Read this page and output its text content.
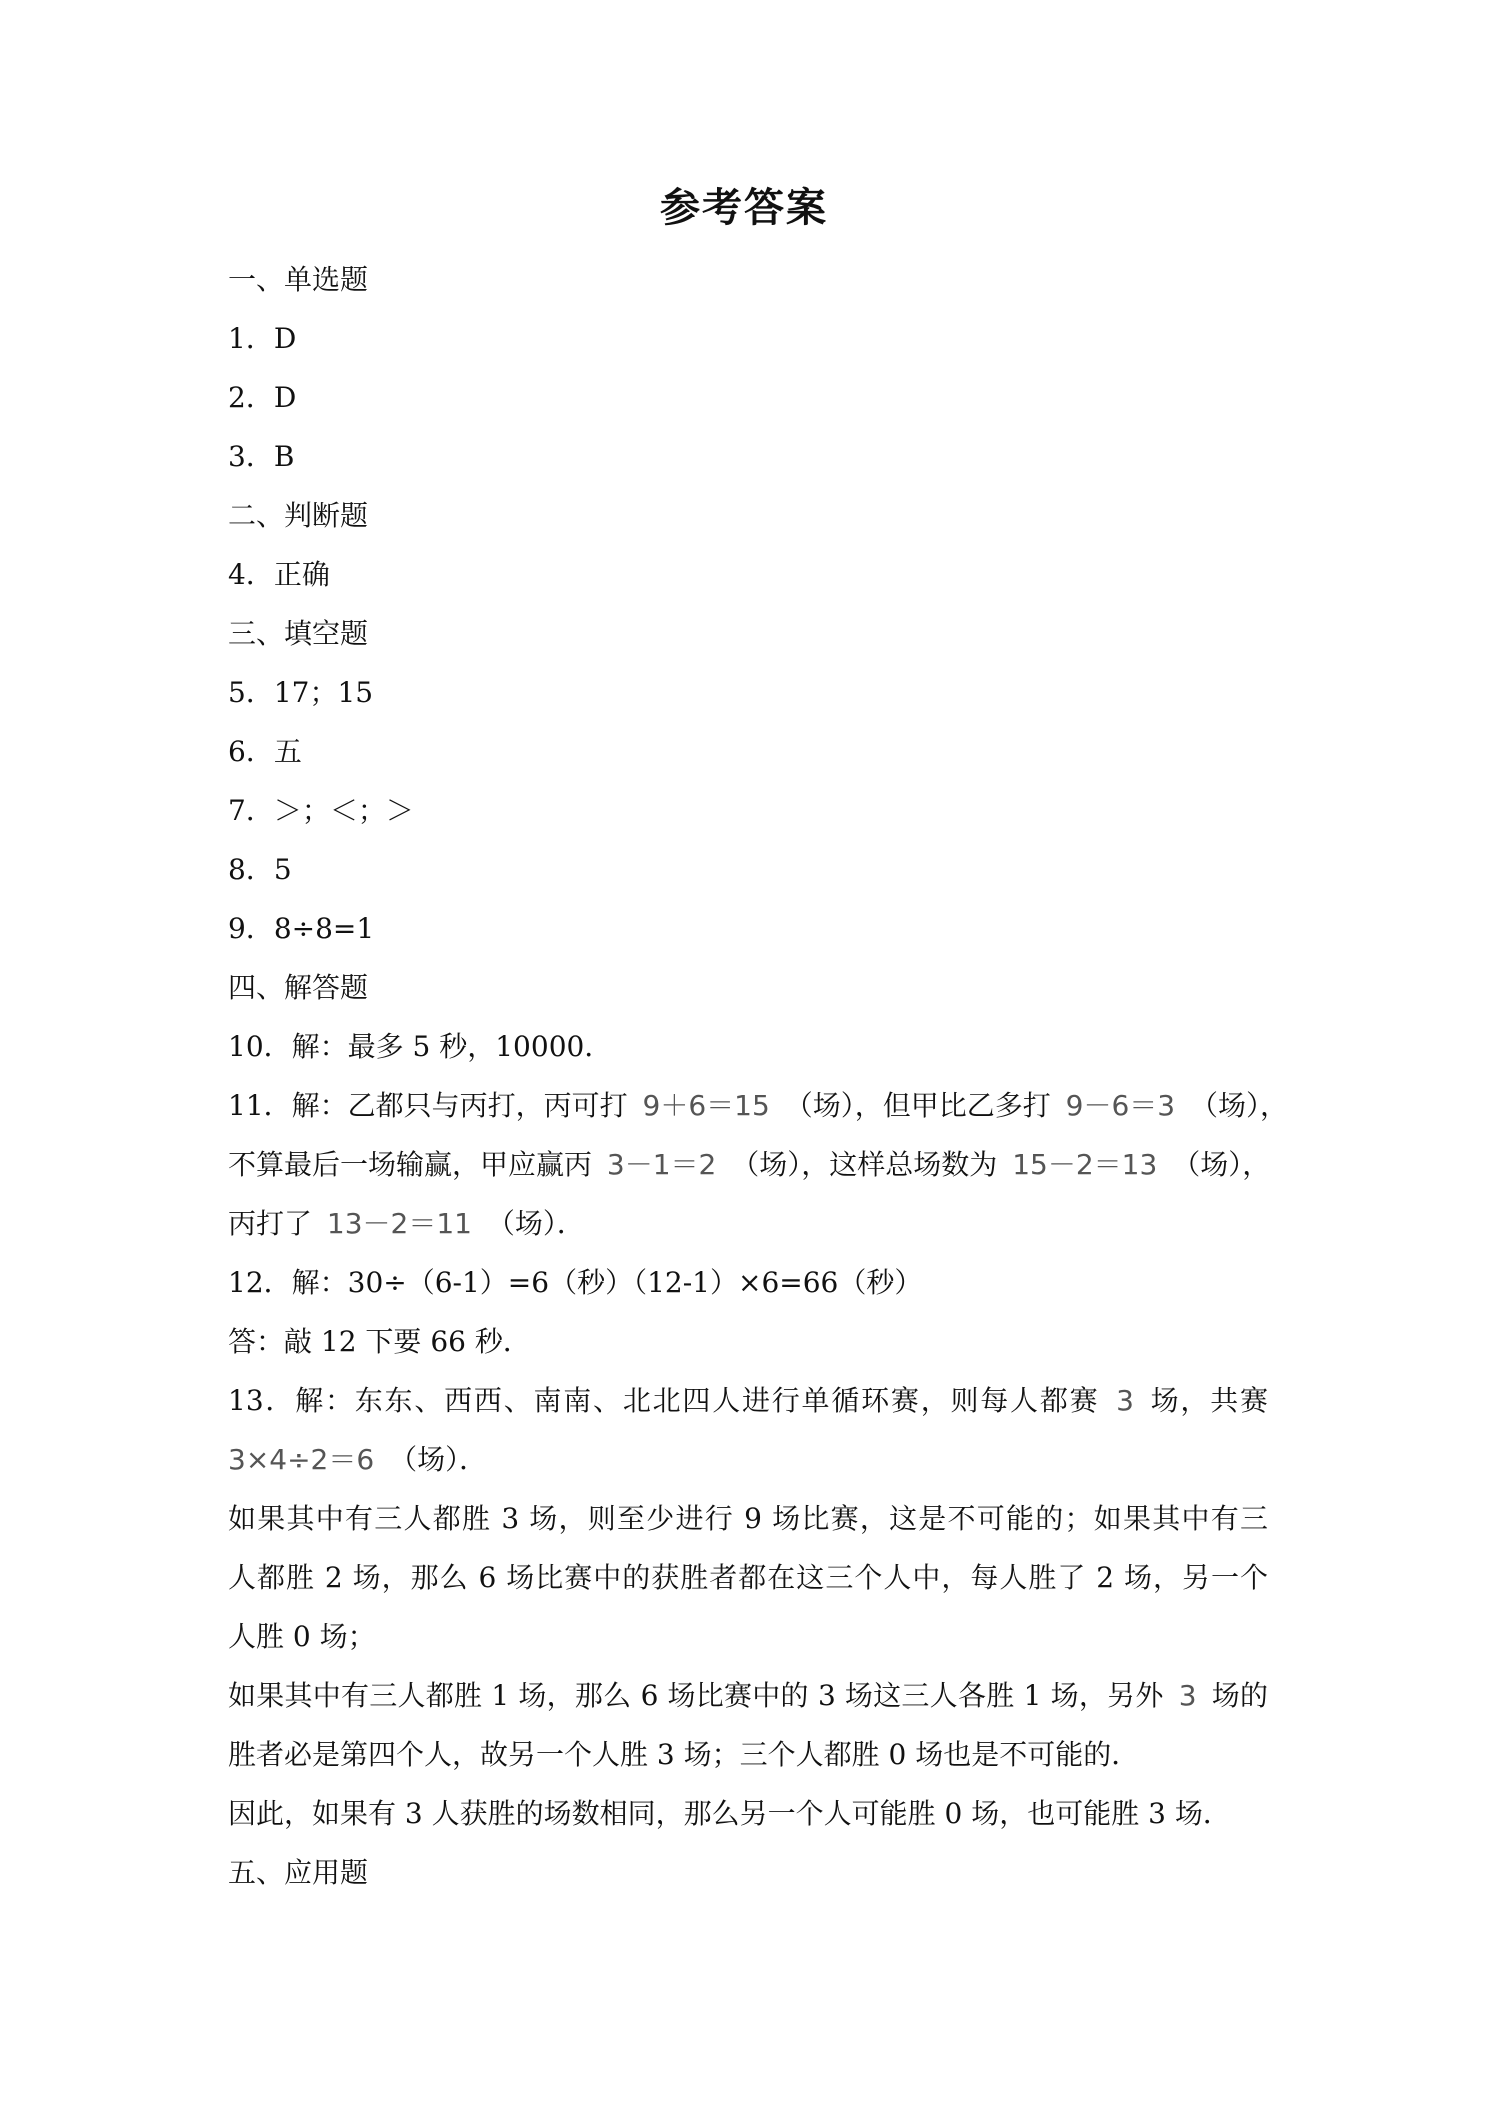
参考答案
一、单选题
1．D
2．D
3．B
二、判断题
4．正确
三、填空题
5．17；15
6．五
7．＞；＜；＞
8．5
9．8÷8=1
四、解答题
10．解：最多 5 秒，10000．
11．解：乙都只与丙打，丙可打 9＋6＝15 （场），但甲比乙多打 9－6＝3 （场），
不算最后一场输赢，甲应赢丙 3－1＝2 （场），这样总场数为 15－2＝13 （场），
丙打了 13－2＝11 （场）．
12．解：30÷（6-1）=6（秒）（12-1）×6=66（秒）
答：敲 12 下要 66 秒．
13．解：东东、西西、南南、北北四人进行单循环赛，则每人都赛 3 场，共赛
3×4÷2＝6 （场）．
如果其中有三人都胜 3 场，则至少进行 9 场比赛，这是不可能的；如果其中有三
人都胜 2 场，那么 6 场比赛中的获胜者都在这三个人中，每人胜了 2 场，另一个
人胜 0 场；
如果其中有三人都胜 1 场，那么 6 场比赛中的 3 场这三人各胜 1 场，另外 3 场的
胜者必是第四个人，故另一个人胜 3 场；三个人都胜 0 场也是不可能的．
因此，如果有 3 人获胜的场数相同，那么另一个人可能胜 0 场，也可能胜 3 场．
五、应用题
